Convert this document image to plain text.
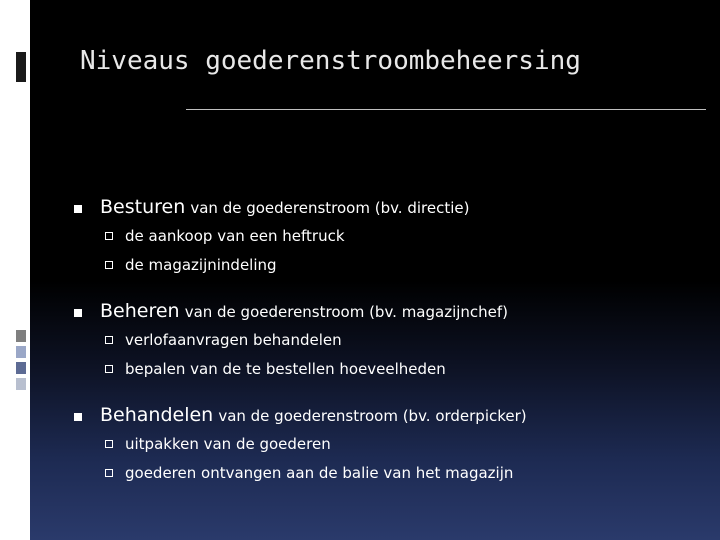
Niveaus goederenstroombeheersing
Besturen van de goederenstroom (bv. directie)
de aankoop van een heftruck
de magazijnindeling
Beheren van de goederenstroom (bv. magazijnchef)
verlofaanvragen behandelen
bepalen van de te bestellen hoeveelheden
Behandelen van de goederenstroom (bv. orderpicker)
uitpakken van de goederen
goederen ontvangen aan de balie van het magazijn
